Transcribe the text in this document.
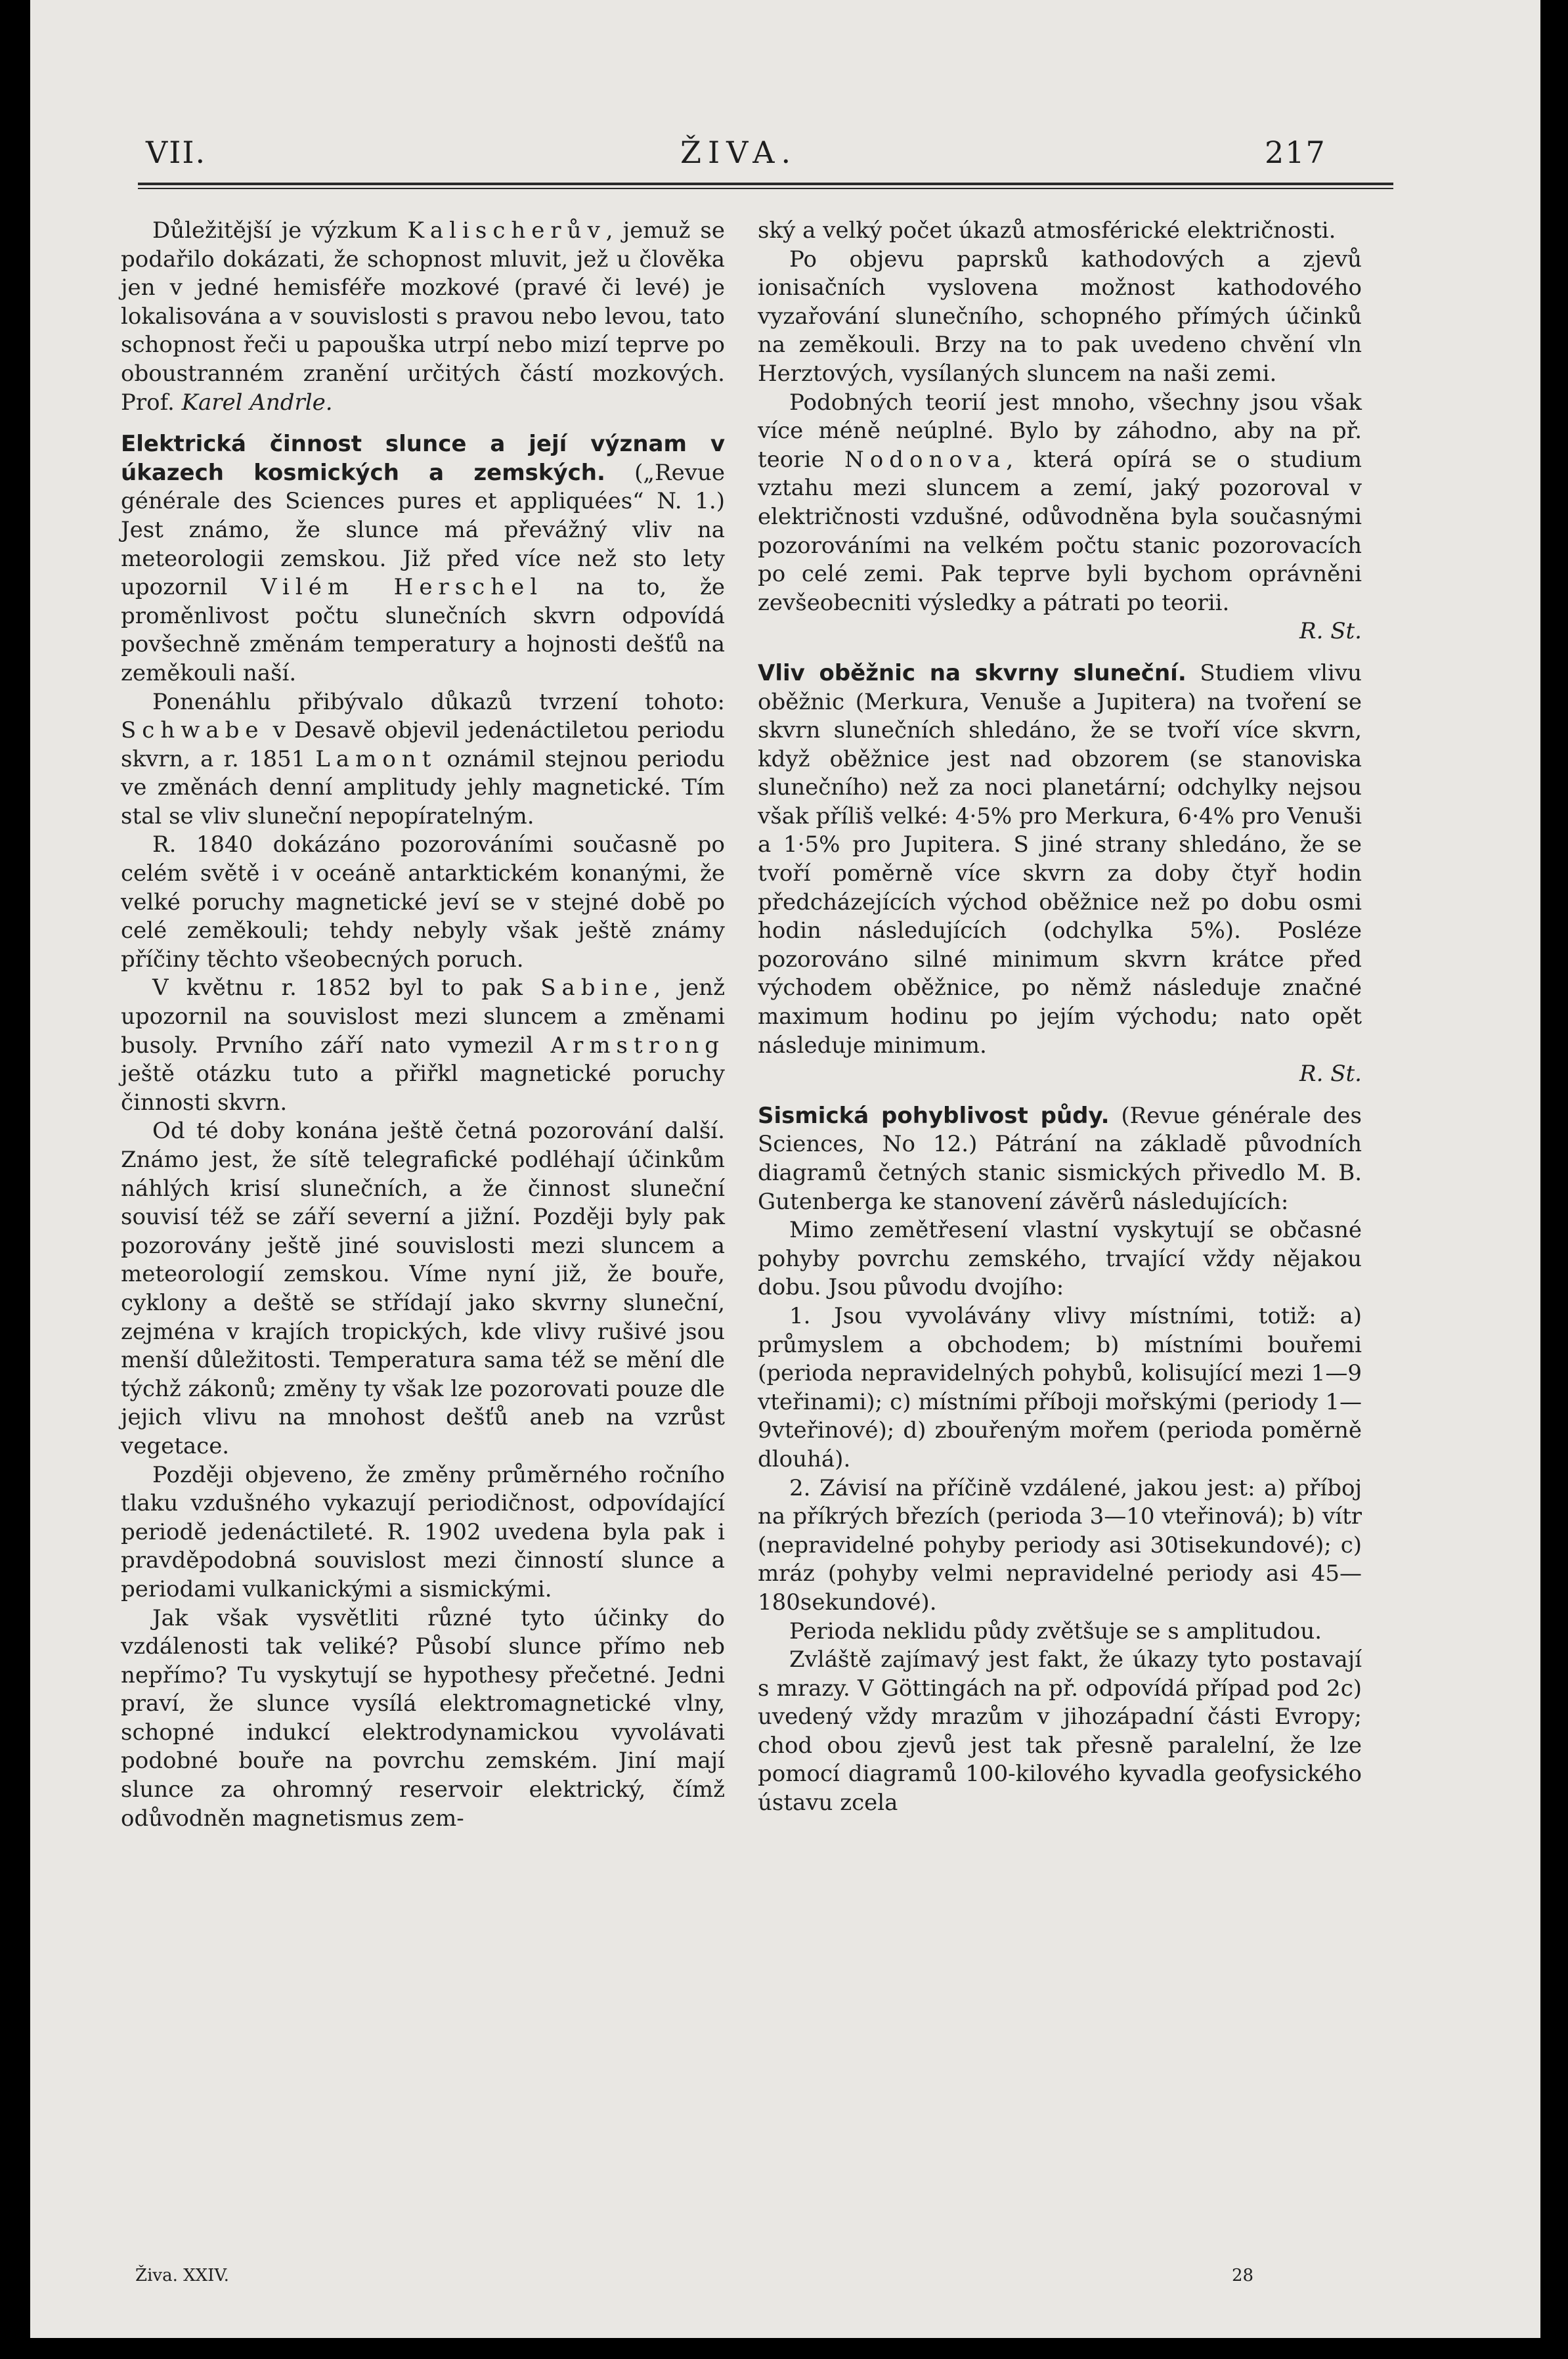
VII.	ŽIVA.	217

Důležitější je výzkum Kalischerův, jemuž se podařilo dokázati, že schopnost mluvit, jež u člověka jen v jedné hemisféře mozkové (pravé či levé) je lokalisována a v souvislosti s pravou nebo levou, tato schopnost řeči u papouška utrpí nebo mizí teprve po oboustranném zranění určitých částí mozkových. Prof. Karel Andrle.

Elektrická činnost slunce a její význam v úkazech kosmických a zemských. („Revue générale des Sciences pures et appliquées“ N. 1.) Jest známo, že slunce má převážný vliv na meteorologii zemskou. Již před více než sto lety upozornil Vilém Herschel na to, že proměnlivost počtu slunečních skvrn odpovídá povšechně změnám temperatury a hojnosti dešťů na zeměkouli naší.

Ponenáhlu přibývalo důkazů tvrzení tohoto: Schwabe v Desavě objevil jedenáctiletou periodu skvrn, a r. 1851 Lamont oznámil stejnou periodu ve změnách denní amplitudy jehly magnetické. Tím stal se vliv sluneční nepopíratelným.

R. 1840 dokázáno pozorováními současně po celém světě i v oceáně antarktickém konanými, že velké poruchy magnetické jeví se v stejné době po celé zeměkouli; tehdy nebyly však ještě známy příčiny těchto všeobecných poruch.

V květnu r. 1852 byl to pak Sabine, jenž upozornil na souvislost mezi sluncem a změnami busoly. Prvního září nato vymezil Armstrong ještě otázku tuto a přiřkl magnetické poruchy činnosti skvrn.

Od té doby konána ještě četná pozorování další. Známo jest, že sítě telegrafické podléhají účinkům náhlých krisí slunečních, a že činnost sluneční souvisí též se září severní a jižní. Později byly pak pozorovány ještě jiné souvislosti mezi sluncem a meteorologií zemskou. Víme nyní již, že bouře, cyklony a deště se střídají jako skvrny sluneční, zejména v krajích tropických, kde vlivy rušivé jsou menší důležitosti. Temperatura sama též se mění dle týchž zákonů; změny ty však lze pozorovati pouze dle jejich vlivu na mnohost dešťů aneb na vzrůst vegetace.

Později objeveno, že změny průměrného ročního tlaku vzdušného vykazují periodičnost, odpovídající periodě jedenáctileté. R. 1902 uvedena byla pak i pravděpodobná souvislost mezi činností slunce a periodami vulkanickými a sismickými.

Jak však vysvětliti různé tyto účinky do vzdálenosti tak veliké? Působí slunce přímo neb nepřímo? Tu vyskytují se hypothesy přečetné. Jedni praví, že slunce vysílá elektromagnetické vlny, schopné indukcí elektrodynamickou vyvolávati podobné bouře na povrchu zemském. Jiní mají slunce za ohromný reservoir elektrický, čímž odůvodněn magnetismus zem-

ský a velký počet úkazů atmosférické električnosti.

Po objevu paprsků kathodových a zjevů ionisačních vyslovena možnost kathodového vyzařování slunečního, schopného přímých účinků na zeměkouli. Brzy na to pak uvedeno chvění vln Herztových, vysílaných sluncem na naši zemi.

Podobných teorií jest mnoho, všechny jsou však více méně neúplné. Bylo by záhodno, aby na př. teorie Nodonova, která opírá se o studium vztahu mezi sluncem a zemí, jaký pozoroval v električnosti vzdušné, odůvodněna byla současnými pozorováními na velkém počtu stanic pozorovacích po celé zemi. Pak teprve byli bychom oprávněni zevšeobecniti výsledky a pátrati po teorii.
R. St.

Vliv oběžnic na skvrny sluneční. Studiem vlivu oběžnic (Merkura, Venuše a Jupitera) na tvoření se skvrn slunečních shledáno, že se tvoří více skvrn, když oběžnice jest nad obzorem (se stanoviska slunečního) než za noci planetární; odchylky nejsou však příliš velké: 4·5% pro Merkura, 6·4% pro Venuši a 1·5% pro Jupitera. S jiné strany shledáno, že se tvoří poměrně více skvrn za doby čtyř hodin předcházejících východ oběžnice než po dobu osmi hodin následujících (odchylka 5%). Posléze pozorováno silné minimum skvrn krátce před východem oběžnice, po němž následuje značné maximum hodinu po jejím východu; nato opět následuje minimum.
R. St.

Sismická pohyblivost půdy. (Revue générale des Sciences, No 12.) Pátrání na základě původních diagramů četných stanic sismických přivedlo M. B. Gutenberga ke stanovení závěrů následujících:

Mimo zemětřesení vlastní vyskytují se občasné pohyby povrchu zemského, trvající vždy nějakou dobu. Jsou původu dvojího:

1. Jsou vyvolávány vlivy místními, totiž: a) průmyslem a obchodem; b) místními bouřemi (perioda nepravidelných pohybů, kolisující mezi 1—9 vteřinami); c) místními příboji mořskými (periody 1—9vteřinové); d) zbouřeným mořem (perioda poměrně dlouhá).

2. Závisí na příčině vzdálené, jakou jest: a) příboj na příkrých březích (perioda 3—10 vteřinová); b) vítr (nepravidelné pohyby periody asi 30tisekundové); c) mráz (pohyby velmi nepravidelné periody asi 45—180sekundové).

Perioda neklidu půdy zvětšuje se s amplitudou.

Zvláště zajímavý jest fakt, že úkazy tyto postavají s mrazy. V Göttingách na př. odpovídá případ pod 2c) uvedený vždy mrazům v jihozápadní části Evropy; chod obou zjevů jest tak přesně paralelní, že lze pomocí diagramů 100-kilového kyvadla geofysického ústavu zcela

Živa. XXIV.	28
